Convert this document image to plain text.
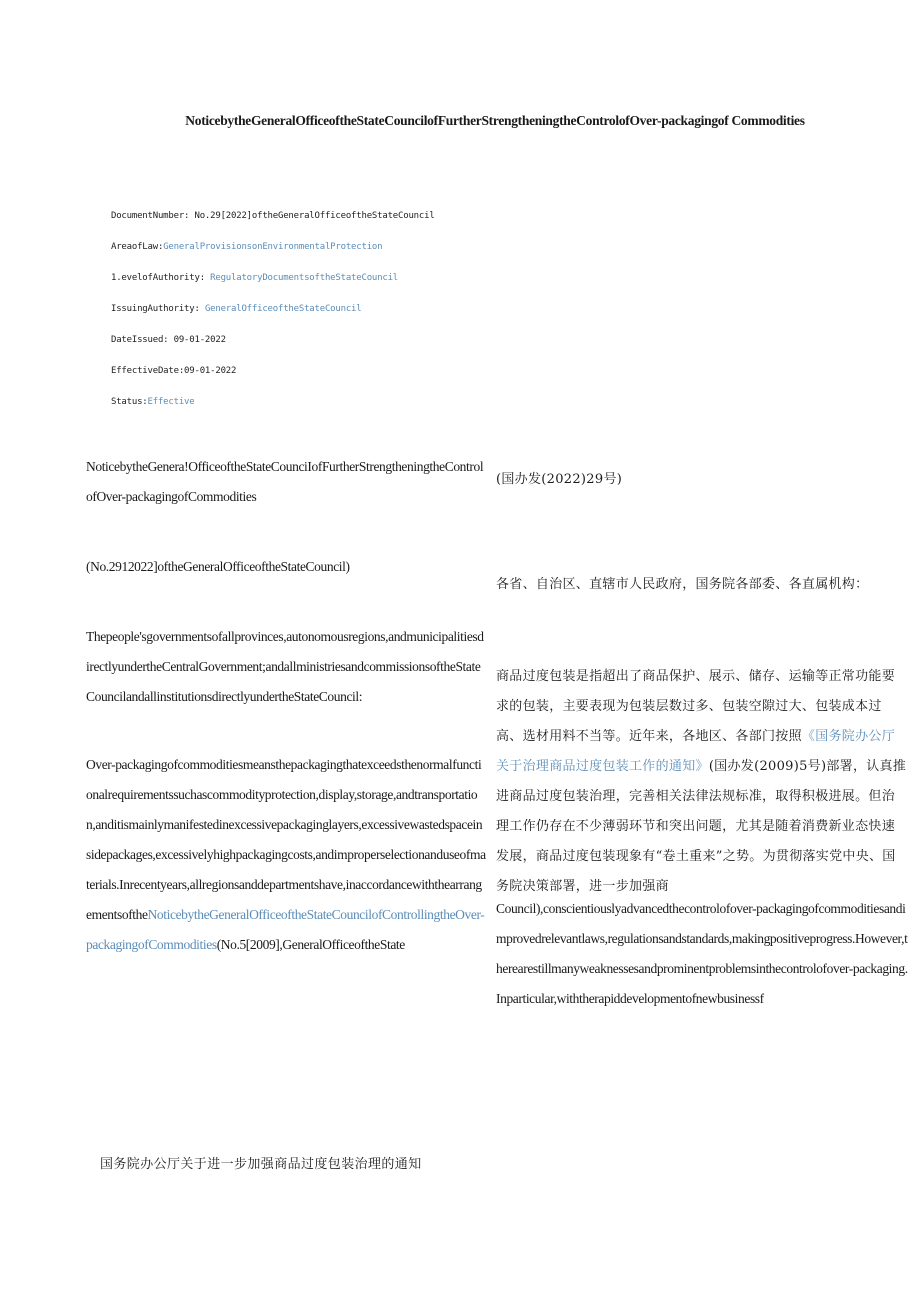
NoticebytheGeneralOfficeoftheStateCouncilofFurtherStrengtheningtheControlofOver-packagingof Commodities
DocumentNumber: No.29[2022]oftheGeneralOfficeoftheStateCouncil
AreaofLaw:GeneralProvisionsonEnvironmentalProtection
1.evelofAuthority: RegulatoryDocumentsoftheStateCouncil
IssuingAuthority: GeneralOfficeoftheStateCouncil
DateIssued: 09-01-2022
EffectiveDate:09-01-2022
Status:Effective

NoticebytheGenera!OfficeoftheStateCounciIofFurtherStrengtheningtheControlofOver-packagingofCommodities

(No.2912022]oftheGeneralOfficeoftheStateCouncil)

Thepeople'sgovernmentsofallprovinces,autonomousregions,andmunicipalitiesdirectlyundertheCentralGovernment;andallministriesandcommissionsoftheStateCouncilandallinstitutionsdirectlyundertheStateCouncil:

Over-packagingofcommoditiesmeansthepackagingthatexceedsthenormalfunctionalrequirementssuchascommodityprotection,display,storage,andtransportation,anditismainlymanifestedinexcessivepackaginglayers,excessivewastedspaceinsidepackages,excessivelyhighpackagingcosts,andimproperselectionanduseofmaterials.Inrecentyears,allregionsanddepartmentshave,inaccordancewiththearrangementsoftheNoticebytheGeneralOfficeoftheStateCouncilofControllingtheOver-packagingofCommodities(No.5[2009],GeneralOfficeoftheState

(国办发(2022)29号)

各省、自治区、直辖市人民政府，国务院各部委、各直属机构：

商品过度包装是指超出了商品保护、展示、储存、运输等正常功能要求的包装，主要表现为包装层数过多、包装空隙过大、包装成本过高、选材用料不当等。近年来，各地区、各部门按照《国务院办公厅关于治理商品过度包装工作的通知》(国办发(2009)5号)部署，认真推进商品过度包装治理，完善相关法律法规标准，取得积极进展。但治理工作仍存在不少薄弱环节和突出问题，尤其是随着消费新业态快速发展，商品过度包装现象有“卷土重来”之势。为贯彻落实党中央、国务院决策部署，进一步加强商

Council),conscientiouslyadvancedthecontrolofover-packagingofcommoditiesandimprovedrelevantlaws,regulationsandstandards,makingpositiveprogress.However,therearestillmanyweaknessesandprominentproblemsinthecontrolofover-packaging.Inparticular,withtherapiddevelopmentofnewbusinessf

国务院办公厅关于进一步加强商品过度包装治理的通知
